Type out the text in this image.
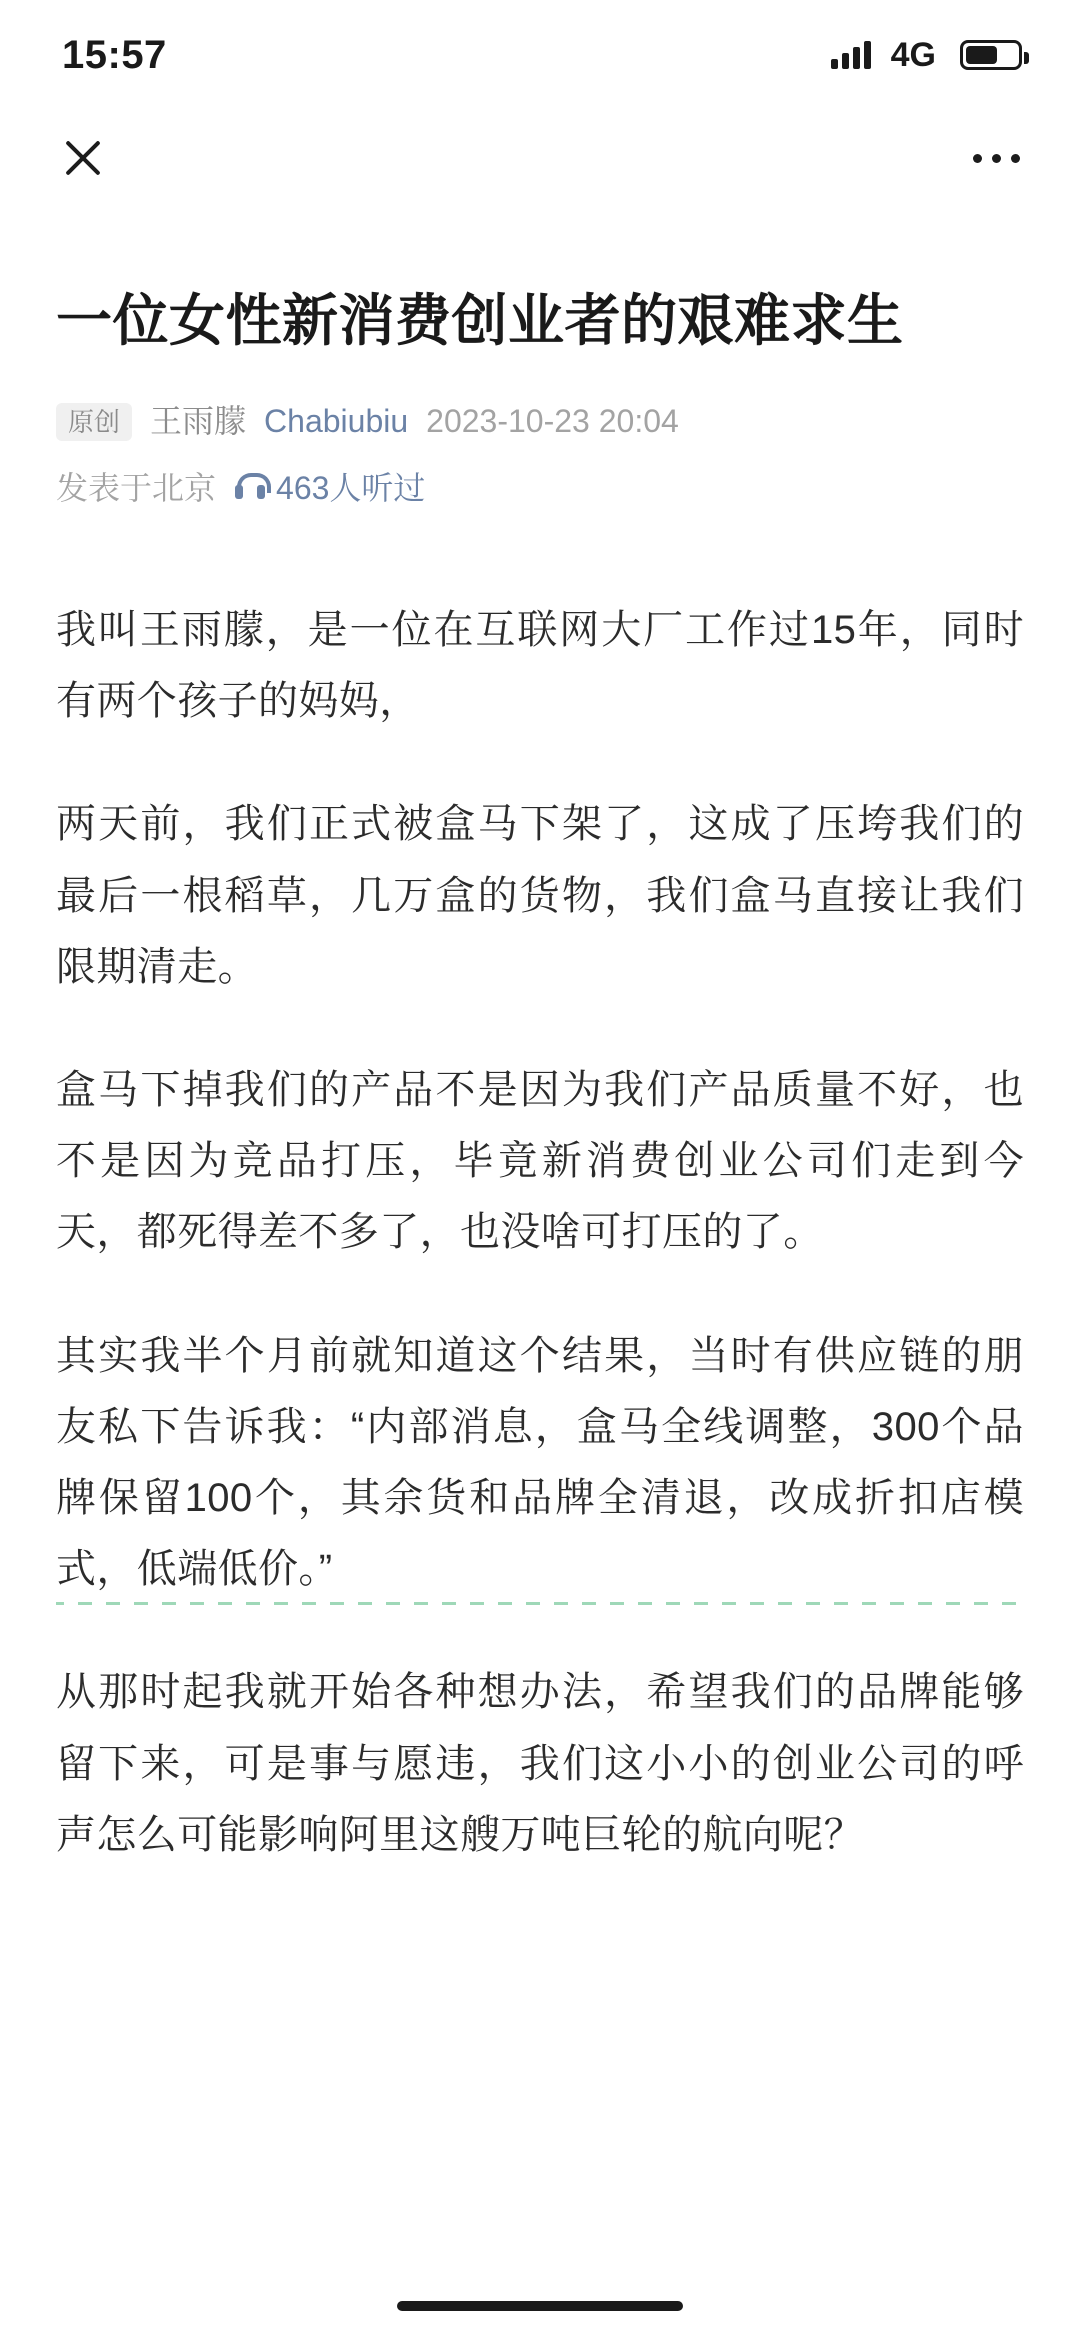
15:57	4G
一位女性新消费创业者的艰难求生
原创 王雨朦 Chabiubiu 2023-10-23 20:04
发表于北京 463人听过

我叫王雨朦，是一位在互联网大厂工作过15年，同时有两个孩子的妈妈，

两天前，我们正式被盒马下架了，这成了压垮我们的最后一根稻草，几万盒的货物，我们盒马直接让我们限期清走。

盒马下掉我们的产品不是因为我们产品质量不好，也不是因为竞品打压，毕竟新消费创业公司们走到今天，都死得差不多了，也没啥可打压的了。

其实我半个月前就知道这个结果，当时有供应链的朋友私下告诉我：“内部消息，盒马全线调整，300个品牌保留100个，其余货和品牌全清退，改成折扣店模式，低端低价。”

从那时起我就开始各种想办法，希望我们的品牌能够留下来，可是事与愿违，我们这小小的创业公司的呼声怎么可能影响阿里这艘万吨巨轮的航向呢？
